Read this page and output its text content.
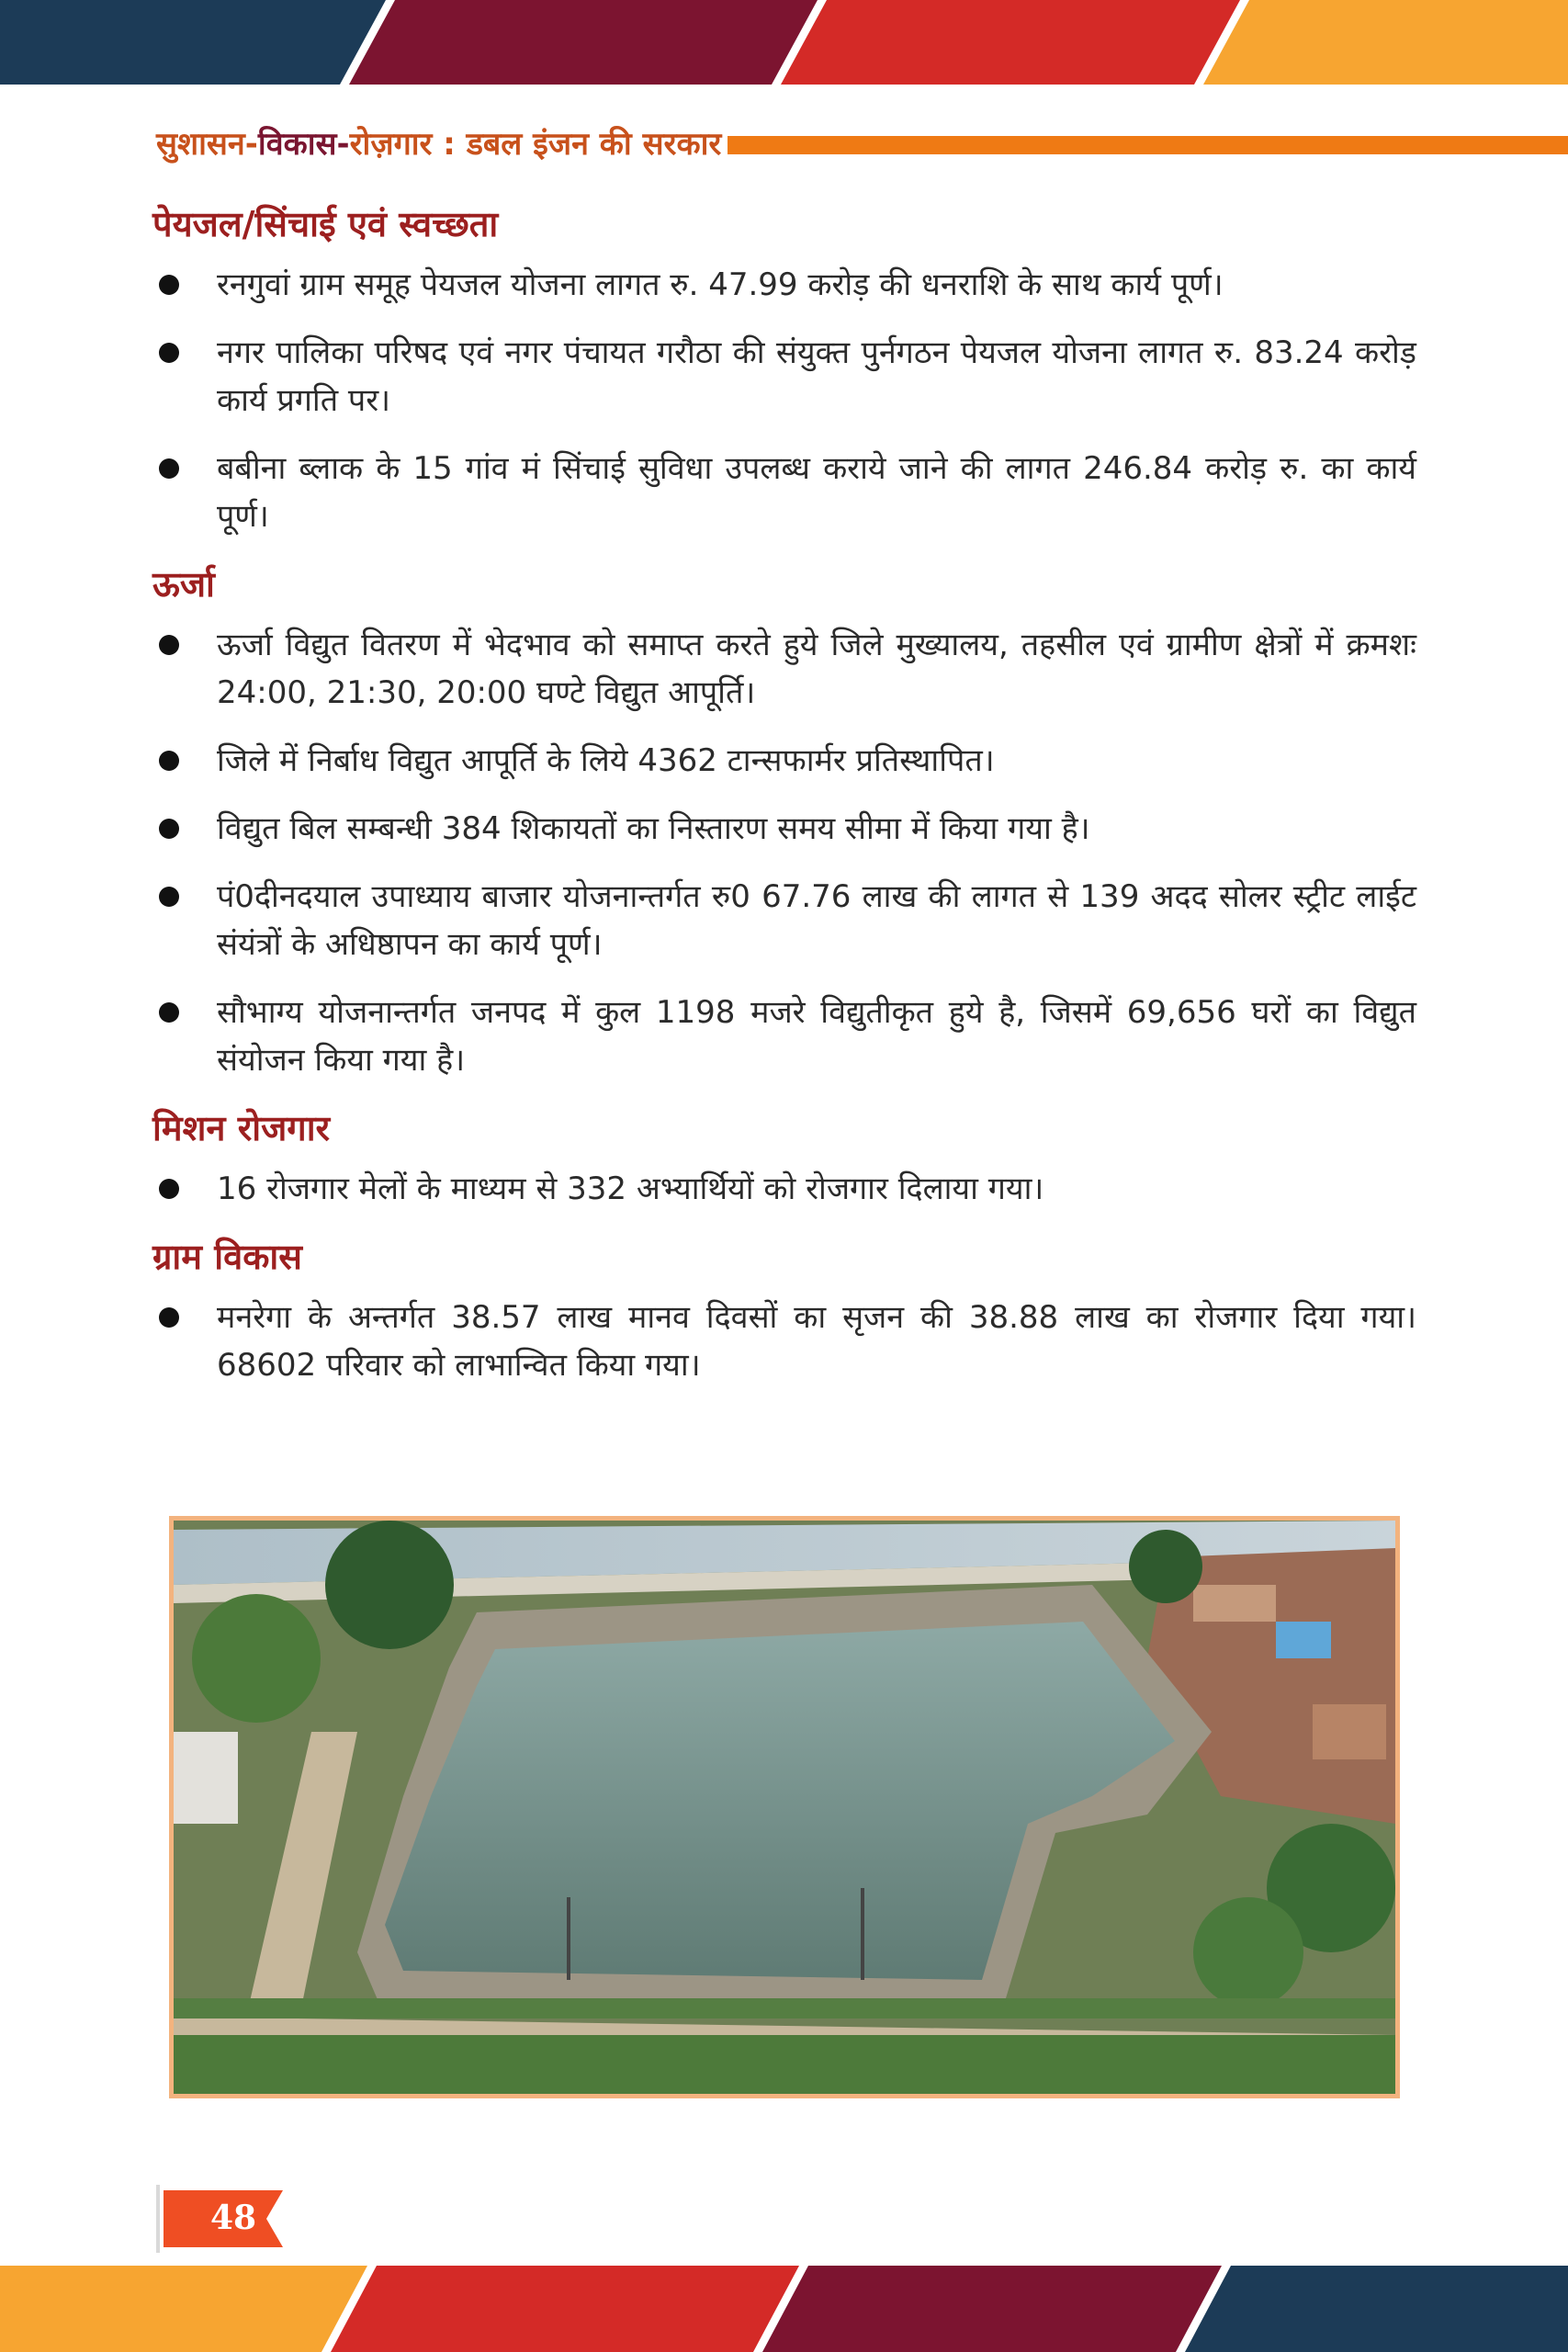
सुशासन-विकास-रोज़गार : डबल इंजन की सरकार
पेयजल/सिंचाई एवं स्वच्छता
रनगुवां ग्राम समूह पेयजल योजना लागत रु. 47.99 करोड़ की धनराशि के साथ कार्य पूर्ण।
नगर पालिका परिषद एवं नगर पंचायत गरौठा की संयुक्त पुर्नगठन पेयजल योजना लागत रु. 83.24 करोड़ कार्य प्रगति पर।
बबीना ब्लाक के 15 गांव मं सिंचाई सुविधा उपलब्ध कराये जाने की लागत 246.84 करोड़ रु. का कार्य पूर्ण।
ऊर्जा
ऊर्जा विद्युत वितरण में भेदभाव को समाप्त करते हुये जिले मुख्यालय, तहसील एवं ग्रामीण क्षेत्रों में क्रमशः 24:00, 21:30, 20:00 घण्टे विद्युत आपूर्ति।
जिले में निर्बाध विद्युत आपूर्ति के लिये 4362 टान्सफार्मर प्रतिस्थापित।
विद्युत बिल सम्बन्धी 384 शिकायतों का निस्तारण समय सीमा में किया गया है।
पं0दीनदयाल उपाध्याय बाजार योजनान्तर्गत रु0 67.76 लाख की लागत से 139 अदद सोलर स्ट्रीट लाईट संयंत्रों के अधिष्ठापन का कार्य पूर्ण।
सौभाग्य योजनान्तर्गत जनपद में कुल 1198 मजरे विद्युतीकृत हुये है, जिसमें 69,656 घरों का विद्युत संयोजन किया गया है।
मिशन रोजगार
16 रोजगार मेलों के माध्यम से 332 अभ्यार्थियों को रोजगार दिलाया गया।
ग्राम विकास
मनरेगा के अन्तर्गत 38.57 लाख मानव दिवसों का सृजन की 38.88 लाख का रोजगार दिया गया। 68602 परिवार को लाभान्वित किया गया।
48
